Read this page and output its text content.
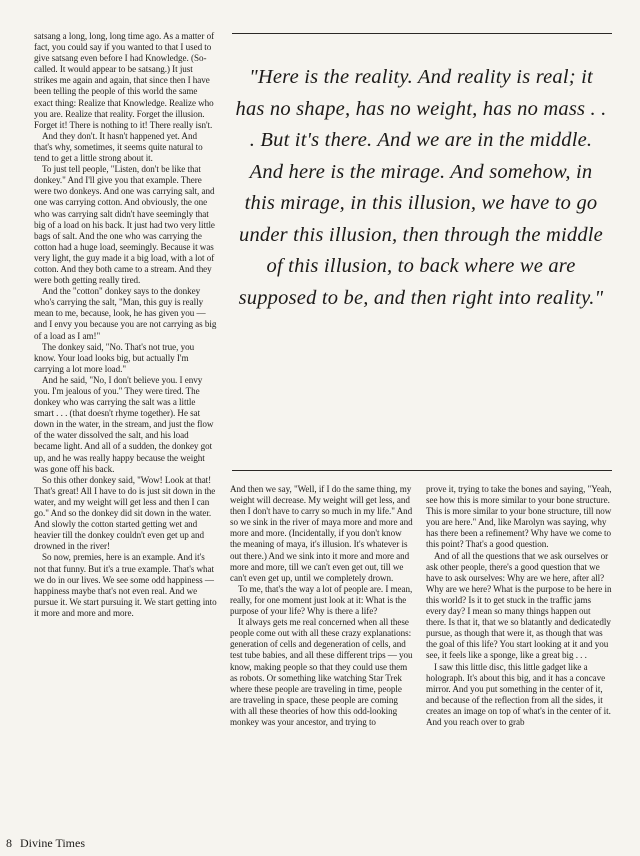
satsang a long, long, long time ago. As a matter of fact, you could say if you wanted to that I used to give satsang even before I had Knowledge. (So-called. It would appear to be satsang.) It just strikes me again and again, that since then I have been telling the people of this world the same exact thing: Realize that Knowledge. Realize who you are. Realize that reality. Forget the illusion. Forget it! There is nothing to it! There really isn't.

And they don't. It hasn't happened yet. And that's why, sometimes, it seems quite natural to tend to get a little strong about it.

To just tell people, "Listen, don't be like that donkey." And I'll give you that example. There were two donkeys. And one was carrying salt, and one was carrying cotton. And obviously, the one who was carrying salt didn't have seemingly that big of a load on his back. It just had two very little bags of salt. And the one who was carrying the cotton had a huge load, seemingly. Because it was very light, the guy made it a big load, with a lot of cotton. And they both came to a stream. And they were both getting really tired.

And the "cotton" donkey says to the donkey who's carrying the salt, "Man, this guy is really mean to me, because, look, he has given you — and I envy you because you are not carrying as big of a load as I am!"

The donkey said, "No. That's not true, you know. Your load looks big, but actually I'm carrying a lot more load."

And he said, "No, I don't believe you. I envy you. I'm jealous of you." They were tired. The donkey who was carrying the salt was a little smart . . . (that doesn't rhyme together). He sat down in the water, in the stream, and just the flow of the water dissolved the salt, and his load became light. And all of a sudden, the donkey got up, and he was really happy because the weight was gone off his back.

So this other donkey said, "Wow! Look at that! That's great! All I have to do is just sit down in the water, and my weight will get less and then I can go." And so the donkey did sit down in the water. And slowly the cotton started getting wet and heavier till the donkey couldn't even get up and drowned in the river!

So now, premies, here is an example. And it's not that funny. But it's a true example. That's what we do in our lives. We see some odd happiness — happiness maybe that's not even real. And we pursue it. We start pursuing it. We start getting into it more and more and more.

"Here is the reality. And reality is real; it has no shape, has no weight, has no mass . . . But it's there. And we are in the middle. And here is the mirage. And somehow, in this mirage, in this illusion, we have to go under this illusion, then through the middle of this illusion, to back where we are supposed to be, and then right into reality."

And then we say, "Well, if I do the same thing, my weight will decrease. My weight will get less, and then I don't have to carry so much in my life." And so we sink in the river of maya more and more and more and more. (Incidentally, if you don't know the meaning of maya, it's illusion. It's whatever is out there.) And we sink into it more and more and more and more, till we can't even get out, till we can't even get up, until we completely drown.

To me, that's the way a lot of people are. I mean, really, for one moment just look at it: What is the purpose of your life? Why is there a life?

It always gets me real concerned when all these people come out with all these crazy explanations: generation of cells and degeneration of cells, and test tube babies, and all these different trips — you know, making people so that they could use them as robots. Or something like watching Star Trek where these people are traveling in time, people are traveling in space, these people are coming with all these theories of how this odd-looking monkey was your ancestor, and trying to

prove it, trying to take the bones and saying, "Yeah, see how this is more similar to your bone structure. This is more similar to your bone structure, till now you are here." And, like Marolyn was saying, why has there been a refinement? Why have we come to this point? That's a good question.

And of all the questions that we ask ourselves or ask other people, there's a good question that we have to ask ourselves: Why are we here, after all? Why are we here? What is the purpose to be here in this world? Is it to get stuck in the traffic jams every day? I mean so many things happen out there. Is that it, that we so blatantly and dedicatedly pursue, as though that were it, as though that was the goal of this life? You start looking at it and you see, it feels like a sponge, like a great big . . .

I saw this little disc, this little gadget like a holograph. It's about this big, and it has a concave mirror. And you put something in the center of it, and because of the reflection from all the sides, it creates an image on top of what's in the center of it. And you reach over to grab

8 Divine Times
